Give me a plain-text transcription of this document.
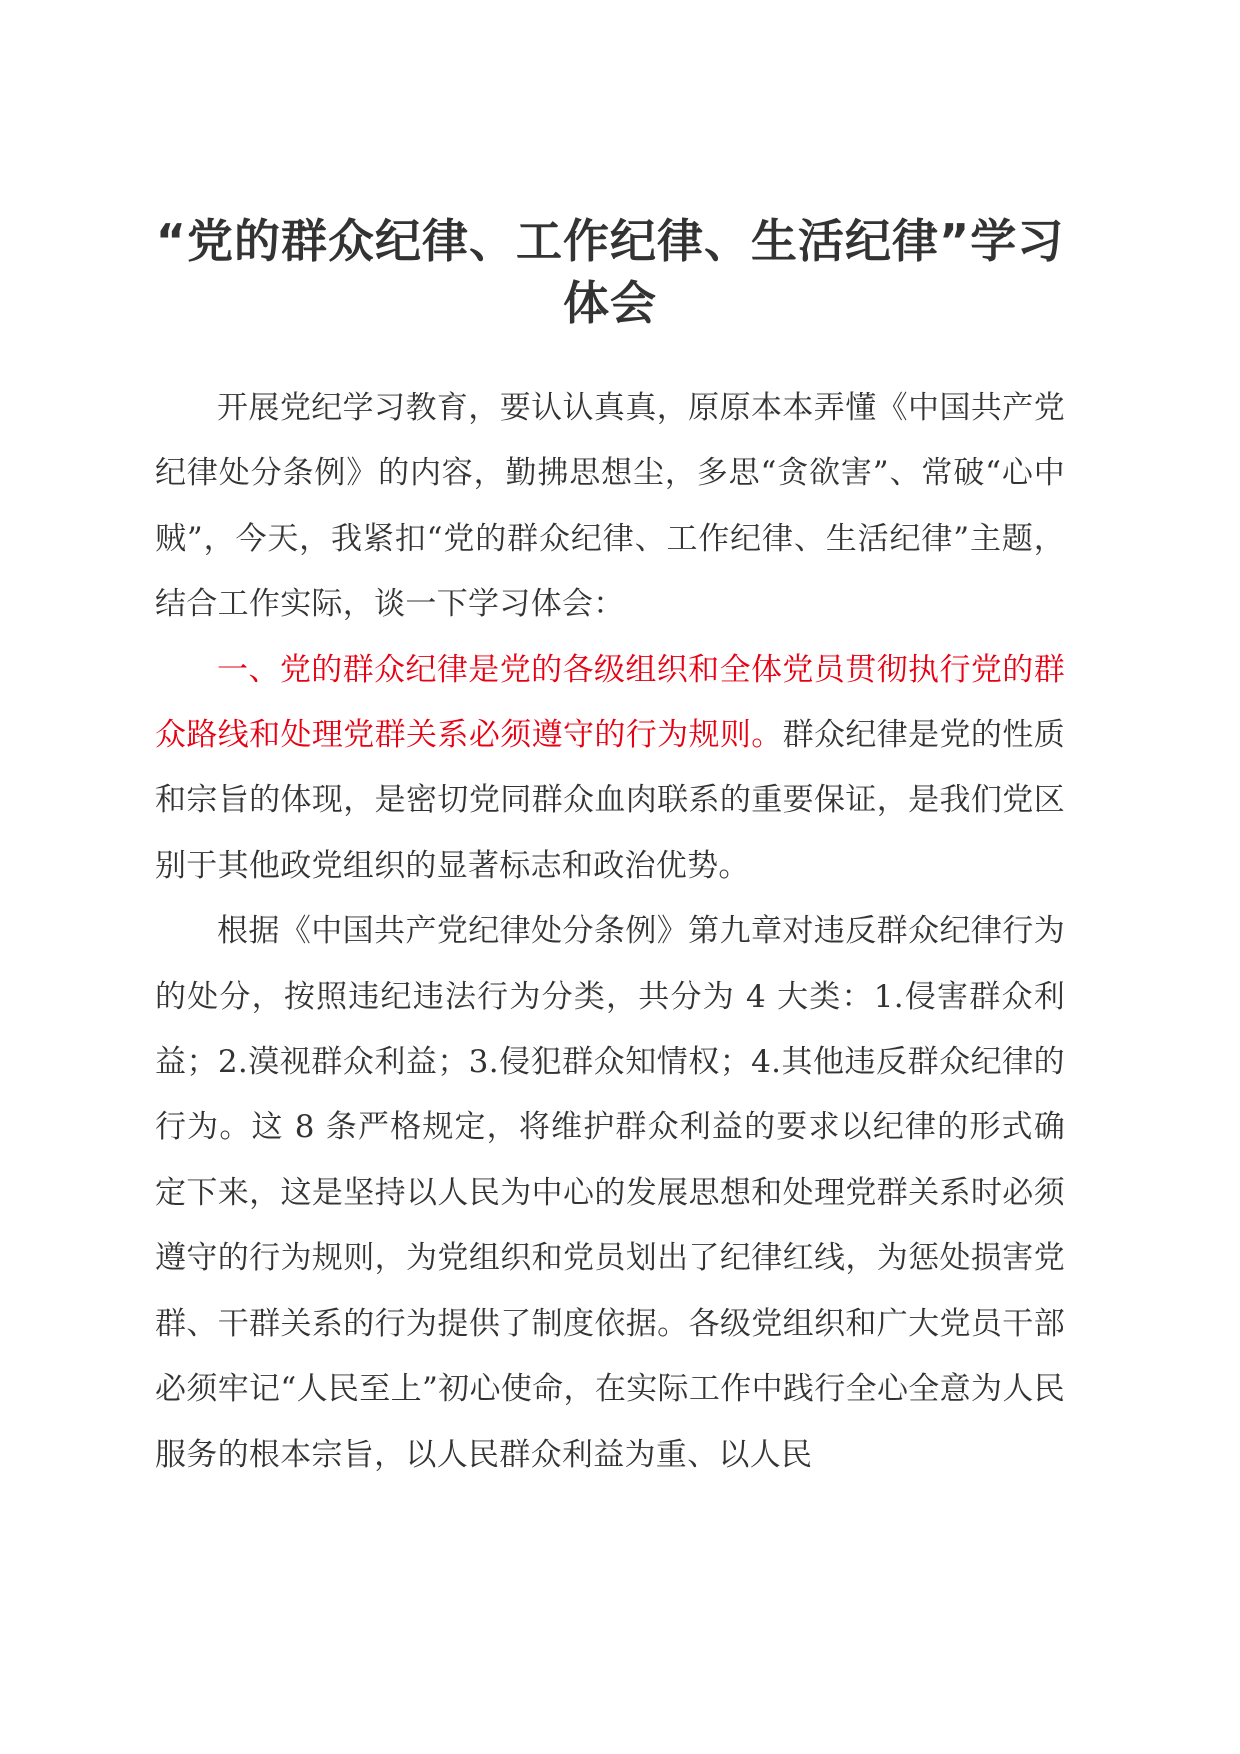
“党的群众纪律、工作纪律、生活纪律”学习
体会

开展党纪学习教育，要认认真真，原原本本弄懂《中国共产党纪律处分条例》的内容，勤拂思想尘，多思“贪欲害”、常破“心中贼”，今天，我紧扣“党的群众纪律、工作纪律、生活纪律”主题，结合工作实际，谈一下学习体会：

一、党的群众纪律是党的各级组织和全体党员贯彻执行党的群众路线和处理党群关系必须遵守的行为规则。群众纪律是党的性质和宗旨的体现，是密切党同群众血肉联系的重要保证，是我们党区别于其他政党组织的显著标志和政治优势。

根据《中国共产党纪律处分条例》第九章对违反群众纪律行为的处分，按照违纪违法行为分类，共分为 4 大类：1.侵害群众利益；2.漠视群众利益；3.侵犯群众知情权；4.其他违反群众纪律的行为。这 8 条严格规定，将维护群众利益的要求以纪律的形式确定下来，这是坚持以人民为中心的发展思想和处理党群关系时必须遵守的行为规则，为党组织和党员划出了纪律红线，为惩处损害党群、干群关系的行为提供了制度依据。各级党组织和广大党员干部必须牢记“人民至上”初心使命，在实际工作中践行全心全意为人民服务的根本宗旨，以人民群众利益为重、以人民
